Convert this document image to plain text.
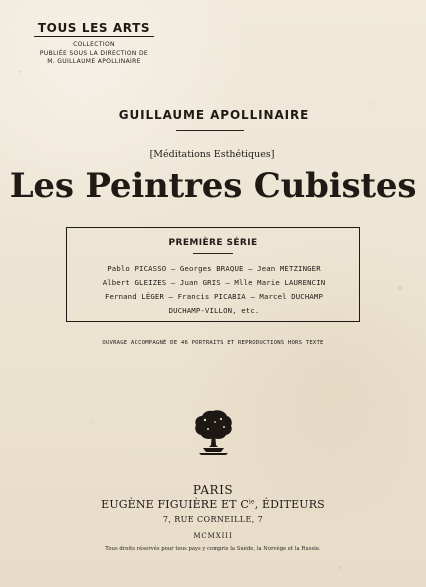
TOUS LES ARTS
COLLECTION
PUBLIÉE SOUS LA DIRECTION DE
M. GUILLAUME APOLLINAIRE
GUILLAUME APOLLINAIRE
[Méditations Esthétiques]
Les Peintres Cubistes
PREMIÈRE SÉRIE
Pablo PICASSO — Georges BRAQUE — Jean METZINGER
Albert GLEIZES — Juan GRIS — Mlle Marie LAURENCIN
Fernand LÉGER — Francis PICABIA — Marcel DUCHAMP
DUCHAMP-VILLON, etc.
OUVRAGE ACCOMPAGNÉ DE 46 PORTRAITS ET REPRODUCTIONS HORS TEXTE
PARIS
EUGÈNE FIGUIÈRE ET $C^{ie}$, ÉDITEURS
7, RUE CORNEILLE, 7
MCMXIII
Tous droits réservés pour tous pays y compris la Suède, la Norvège et la Russie.
